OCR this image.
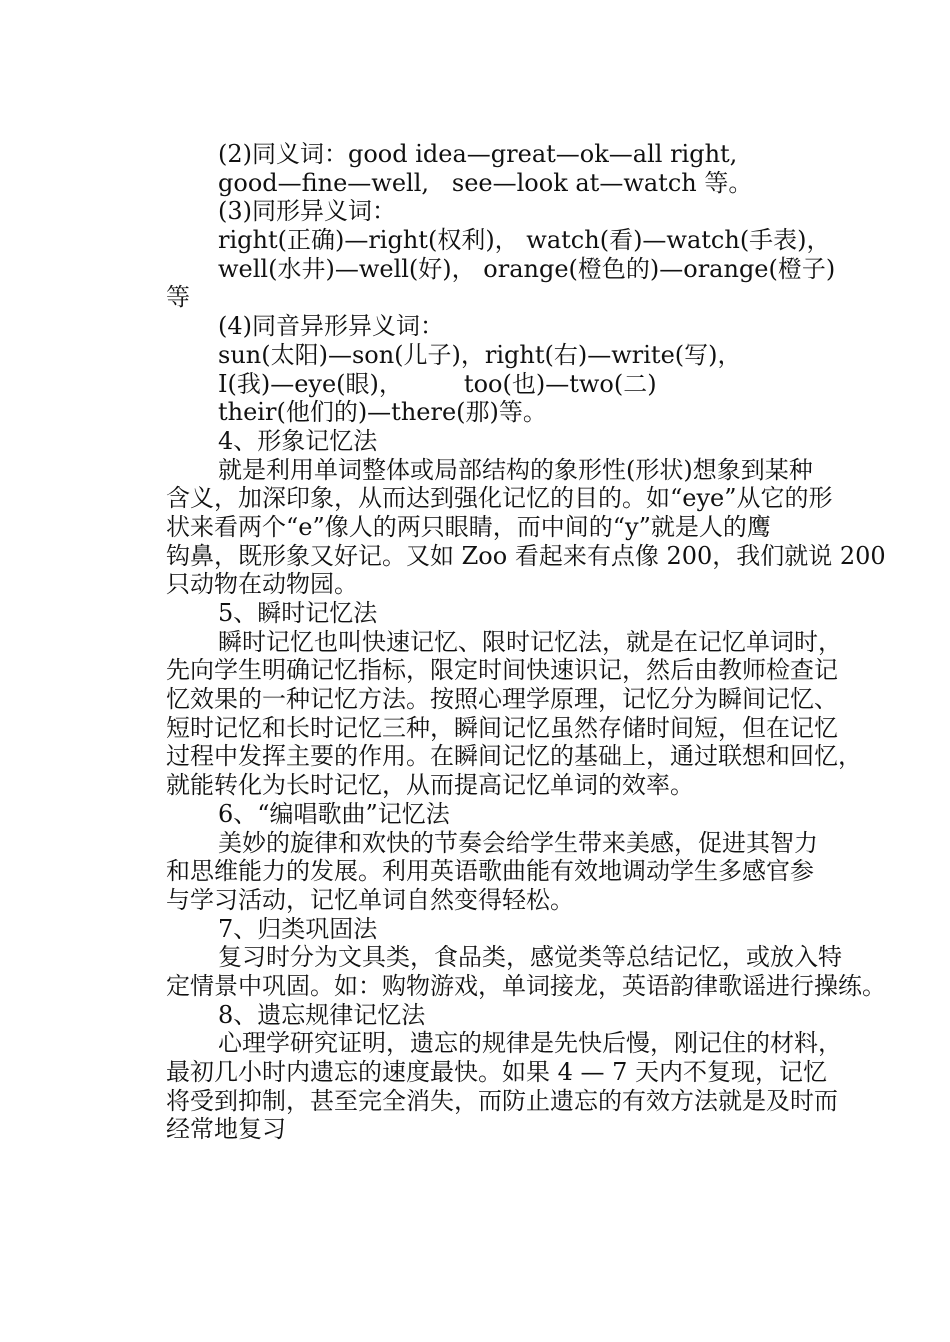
(2)同义词：good idea—great—ok—all right,
good—fine—well,   see—look at—watch 等。
(3)同形异义词：
right(正确)—right(权利)， watch(看)—watch(手表)，
well(水井)—well(好)， orange(橙色的)—orange(橙子)
等
(4)同音异形异义词：
sun(太阳)—son(儿子)，right(右)—write(写)，
I(我)—eye(眼)，        too(也)—two(二)
their(他们的)—there(那)等。
4、形象记忆法
就是利用单词整体或局部结构的象形性(形状)想象到某种
含义，加深印象，从而达到强化记忆的目的。如“eye”从它的形
状来看两个“e”像人的两只眼睛，而中间的“y”就是人的鹰
钩鼻，既形象又好记。又如 Zoo 看起来有点像 200，我们就说 200
只动物在动物园。
5、瞬时记忆法
瞬时记忆也叫快速记忆、限时记忆法，就是在记忆单词时，
先向学生明确记忆指标，限定时间快速识记，然后由教师检查记
忆效果的一种记忆方法。按照心理学原理，记忆分为瞬间记忆、
短时记忆和长时记忆三种，瞬间记忆虽然存储时间短，但在记忆
过程中发挥主要的作用。在瞬间记忆的基础上，通过联想和回忆，
就能转化为长时记忆，从而提高记忆单词的效率。
6、“编唱歌曲”记忆法
美妙的旋律和欢快的节奏会给学生带来美感，促进其智力
和思维能力的发展。利用英语歌曲能有效地调动学生多感官参
与学习活动，记忆单词自然变得轻松。
7、归类巩固法
复习时分为文具类，食品类，感觉类等总结记忆，或放入特
定情景中巩固。如：购物游戏，单词接龙，英语韵律歌谣进行操练。
8、遗忘规律记忆法
心理学研究证明，遗忘的规律是先快后慢，刚记住的材料，
最初几小时内遗忘的速度最快。如果 4 — 7 天内不复现，记忆
将受到抑制，甚至完全消失，而防止遗忘的有效方法就是及时而
经常地复习
